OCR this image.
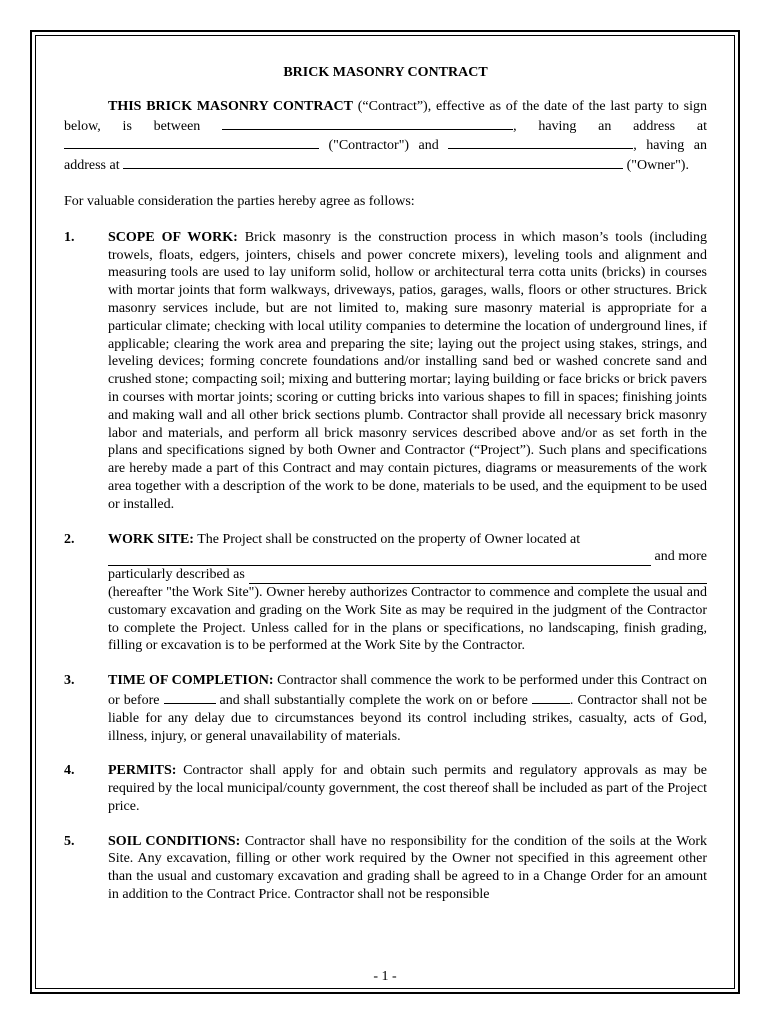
BRICK MASONRY CONTRACT

THIS BRICK MASONRY CONTRACT (“Contract”), effective as of the date of the last party to sign below, is between	, having an address at  ("Contractor") and	, having an address at	("Owner").

For valuable consideration the parties hereby agree as follows:

1.	SCOPE OF WORK: Brick masonry is the construction process in which mason’s tools (including trowels, floats, edgers, jointers, chisels and power concrete mixers), leveling tools and alignment and measuring tools are used to lay uniform solid, hollow or architectural terra cotta units (bricks) in courses with mortar joints that form walkways, driveways, patios, garages, walls, floors or other structures. Brick masonry services include, but are not limited to, making sure masonry material is appropriate for a particular climate; checking with local utility companies to determine the location of underground lines, if applicable; clearing the work area and preparing the site; laying out the project using stakes, strings, and leveling devices; forming concrete foundations and/or installing sand bed or washed concrete sand and crushed stone; compacting soil; mixing and buttering mortar; laying building or face bricks or brick pavers in courses with mortar joints; scoring or cutting bricks into various shapes to fill in spaces; finishing joints and making wall and all other brick sections plumb. Contractor shall provide all necessary brick masonry labor and materials, and perform all brick masonry services described above and/or as set forth in the plans and specifications signed by both Owner and Contractor (“Project”). Such plans and specifications are hereby made a part of this Contract and may contain pictures, diagrams or measurements of the work area together with a description of the work to be done, materials to be used, and the equipment to be used or installed.
2.	WORK SITE: The Project shall be constructed on the property of Owner located at
and more
particularly described as

(hereafter "the Work Site"). Owner hereby authorizes Contractor to commence and complete the usual and customary excavation and grading on the Work Site as may be required in the judgment of the Contractor to complete the Project. Unless called for in the plans or specifications, no landscaping, finish grading, filling or excavation is to be performed at the Work Site by the Contractor.

3.	TIME OF COMPLETION: Contractor shall commence the work to be performed under this Contract on or before	and shall substantially complete the work on or before	. Contractor shall not be liable for any delay due to circumstances beyond its control including strikes, casualty, acts of God, illness, injury, or general unavailability of materials.
4.	PERMITS: Contractor shall apply for and obtain such permits and regulatory approvals as may be required by the local municipal/county government, the cost thereof shall be included as part of the Project price.
5.	SOIL CONDITIONS: Contractor shall have no responsibility for the condition of the soils at the Work Site. Any excavation, filling or other work required by the Owner not specified in this agreement other than the usual and customary excavation and grading shall be agreed to in a Change Order for an amount in addition to the Contract Price. Contractor shall not be responsible
- 1 -
